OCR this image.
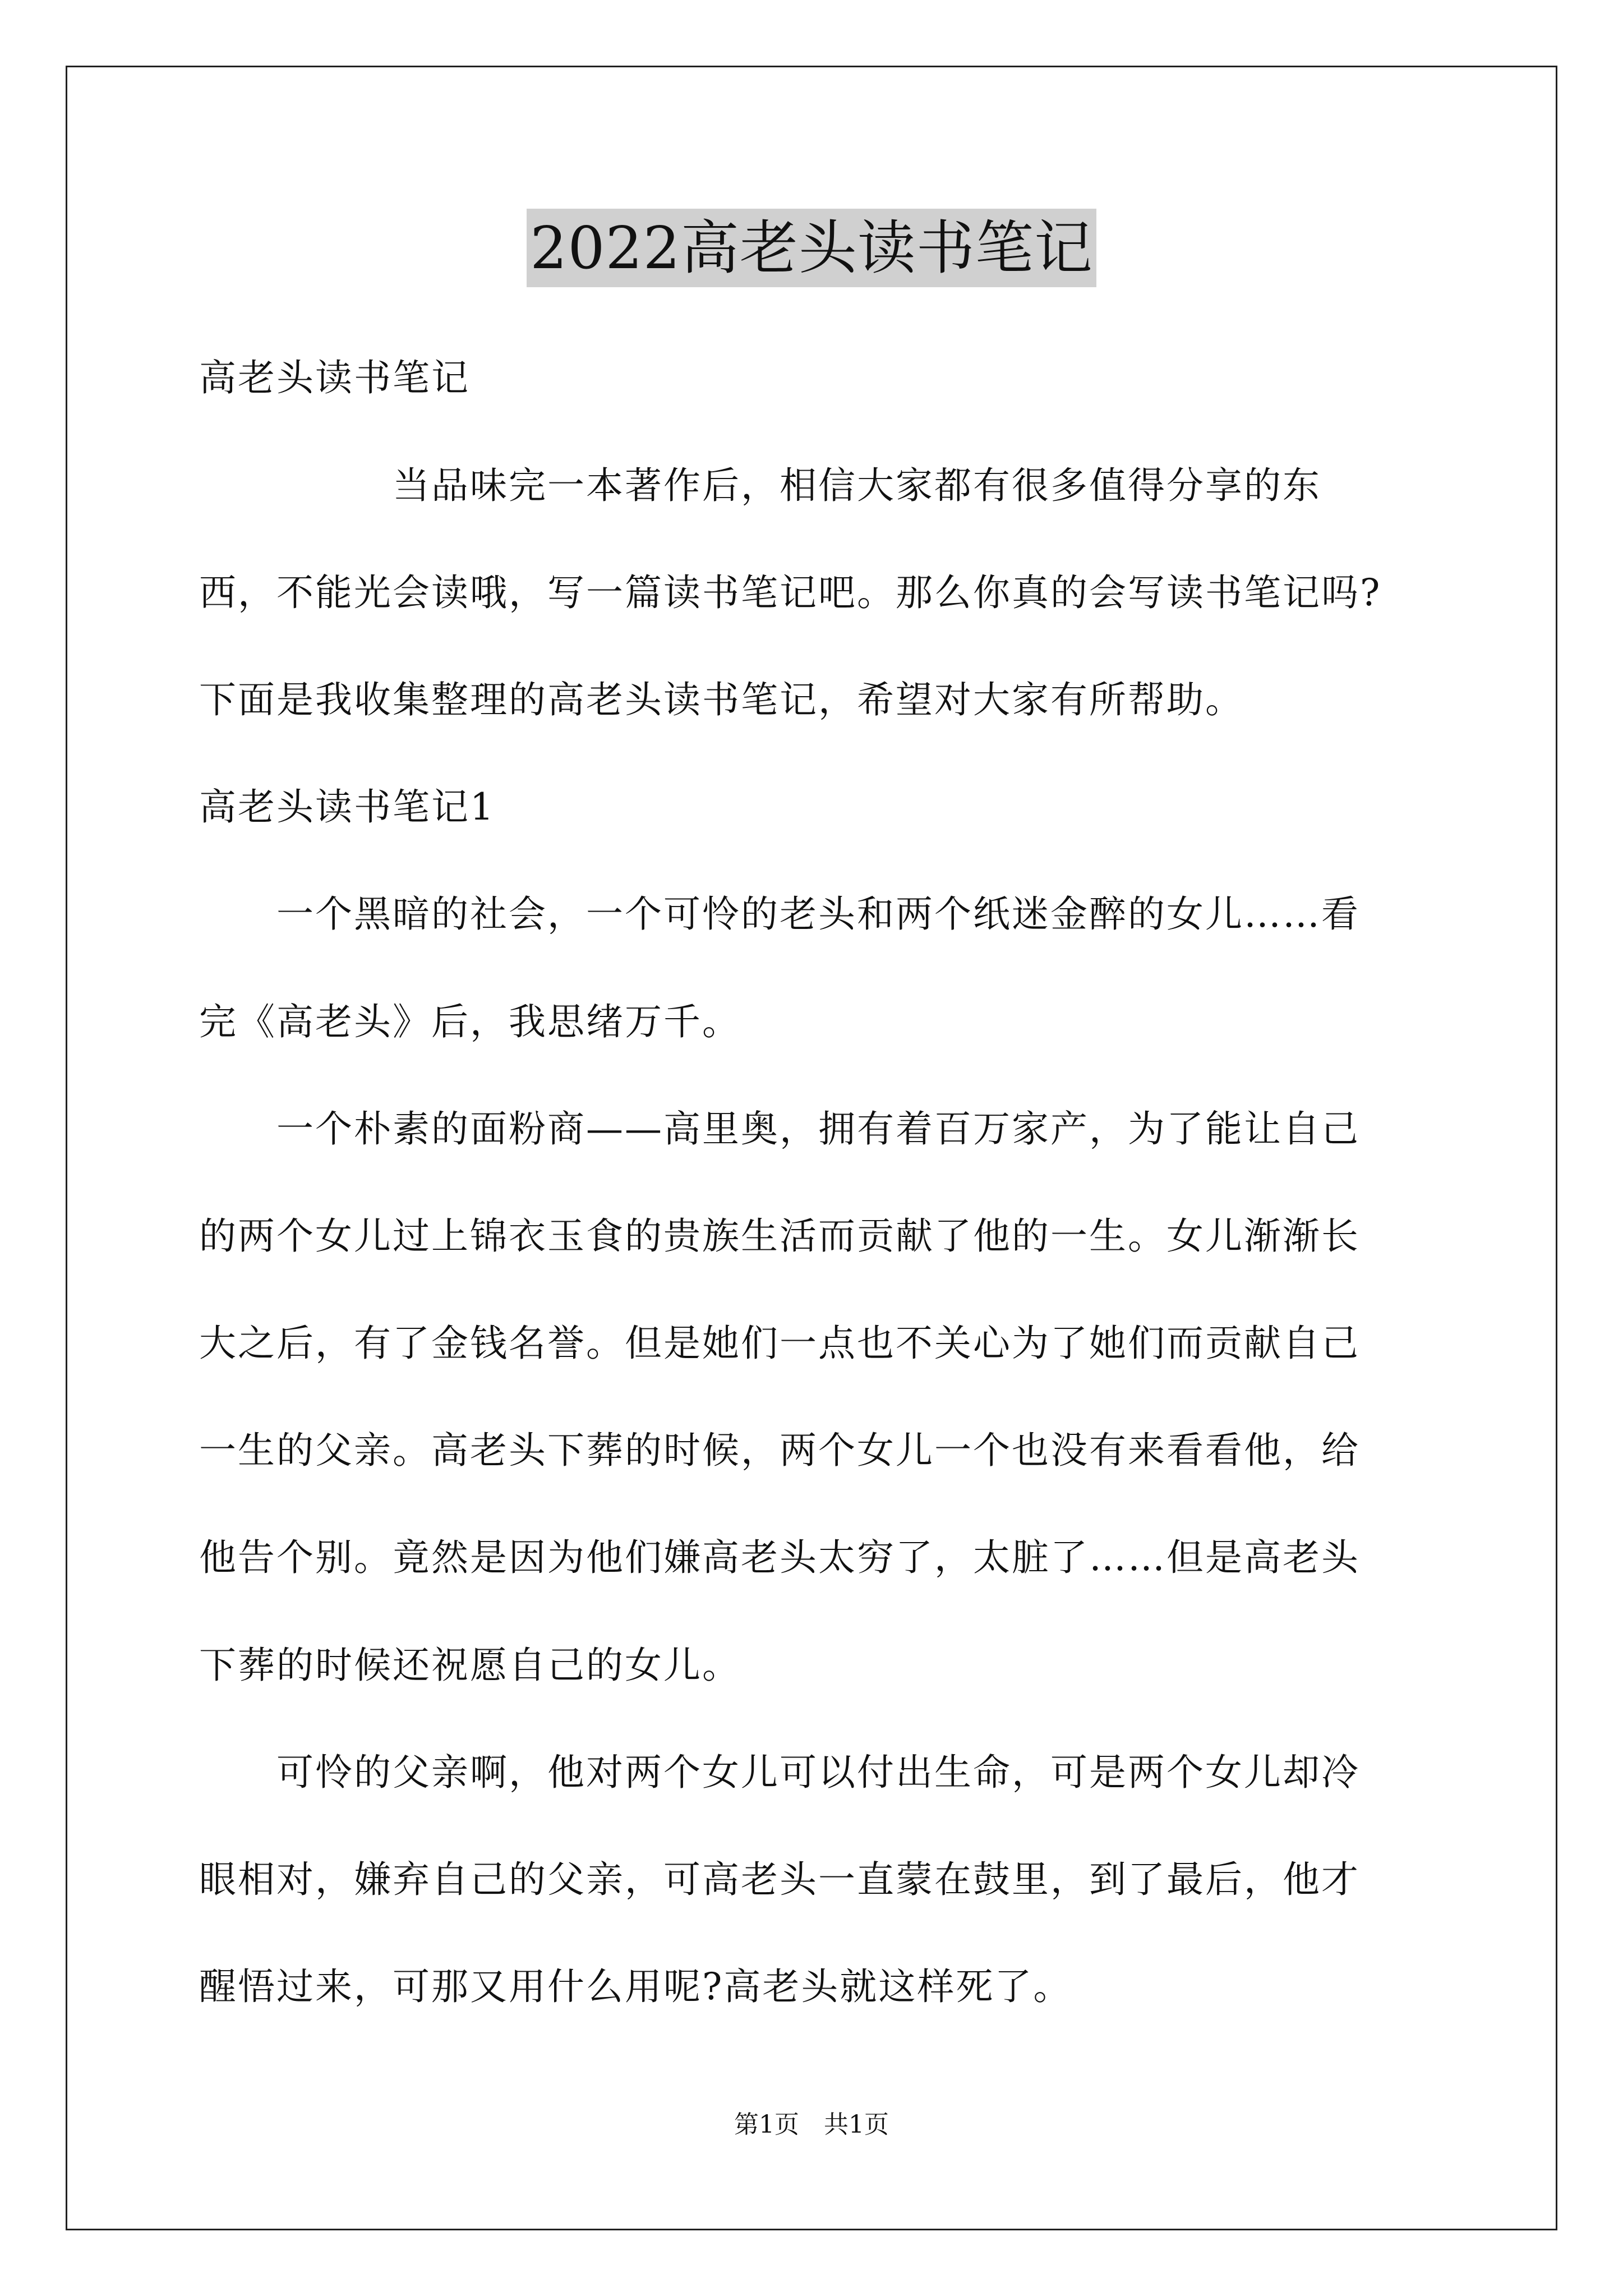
2022高老头读书笔记
高老头读书笔记
　　　　　当品味完一本著作后，相信大家都有很多值得分享的东
西，不能光会读哦，写一篇读书笔记吧。那么你真的会写读书笔记吗?
下面是我收集整理的高老头读书笔记，希望对大家有所帮助。
高老头读书笔记1
　　一个黑暗的社会，一个可怜的老头和两个纸迷金醉的女儿……看
完《高老头》后，我思绪万千。
　　一个朴素的面粉商——高里奥，拥有着百万家产，为了能让自己
的两个女儿过上锦衣玉食的贵族生活而贡献了他的一生。女儿渐渐长
大之后，有了金钱名誉。但是她们一点也不关心为了她们而贡献自己
一生的父亲。高老头下葬的时候，两个女儿一个也没有来看看他，给
他告个别。竟然是因为他们嫌高老头太穷了，太脏了……但是高老头
下葬的时候还祝愿自己的女儿。
　　可怜的父亲啊，他对两个女儿可以付出生命，可是两个女儿却冷
眼相对，嫌弃自己的父亲，可高老头一直蒙在鼓里，到了最后，他才
醒悟过来，可那又用什么用呢?高老头就这样死了。
第1页　共1页
